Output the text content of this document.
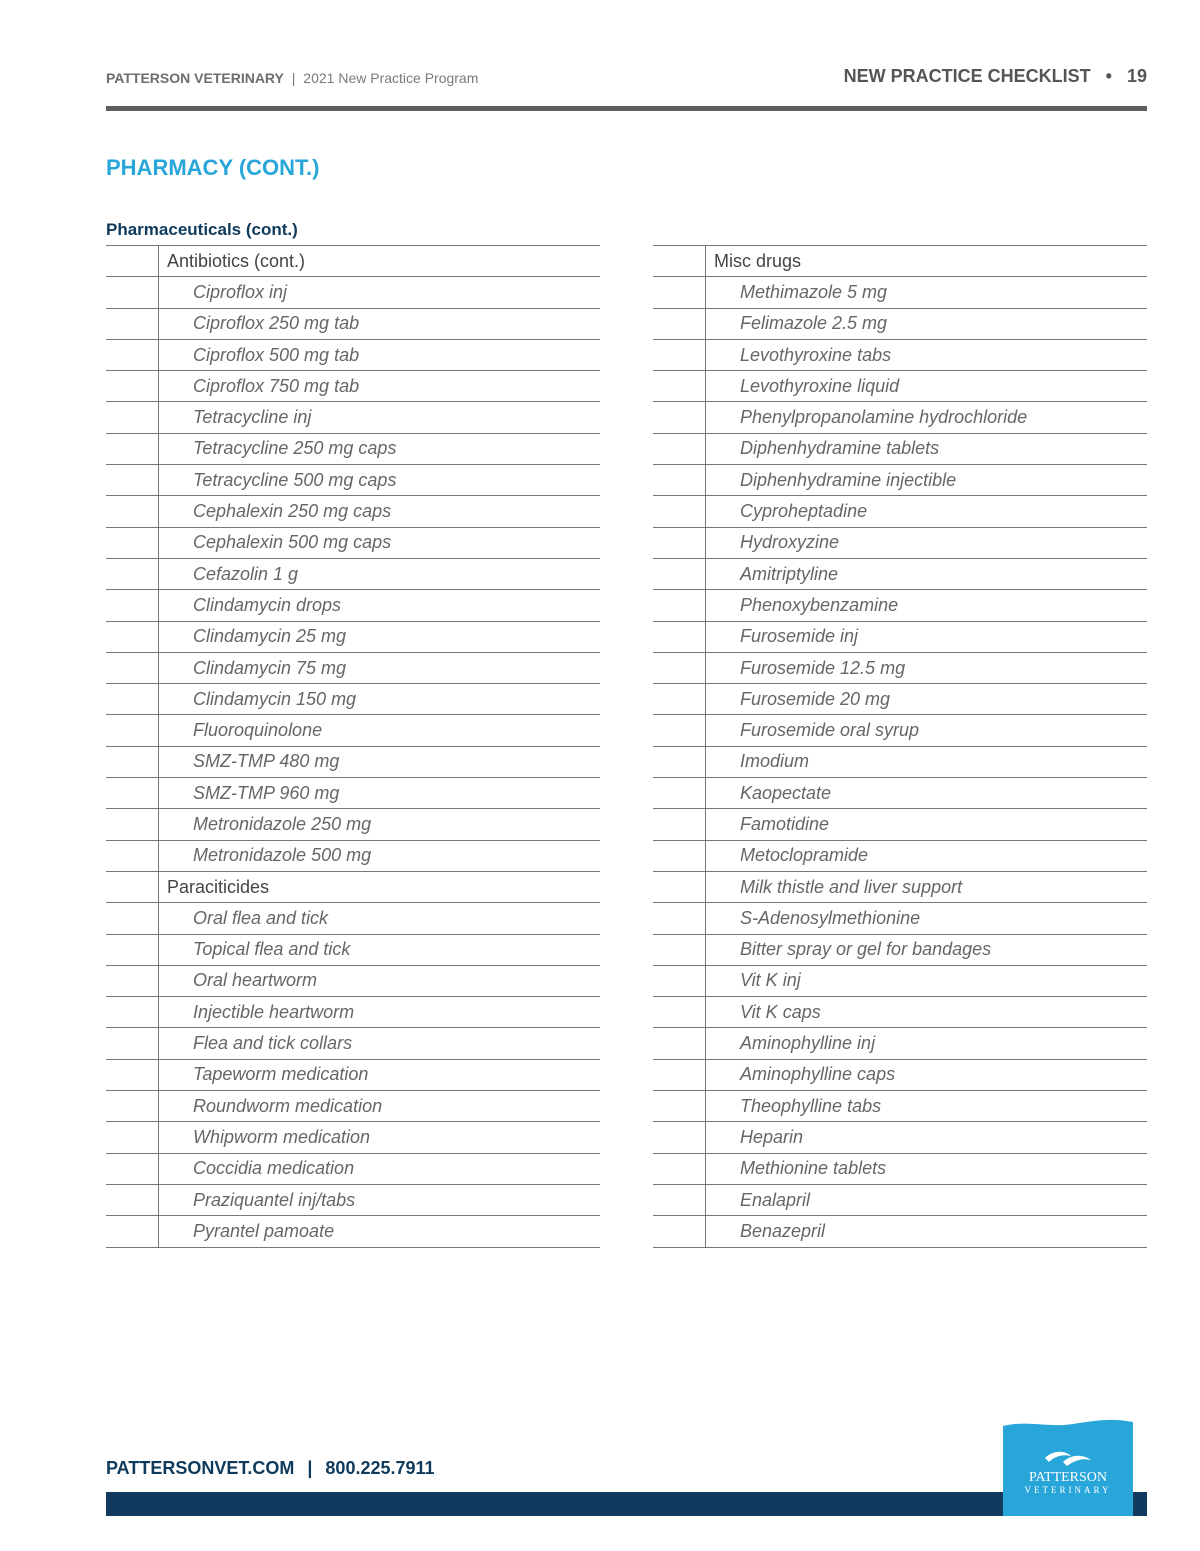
PATTERSON VETERINARY | 2021 New Practice Program	NEW PRACTICE CHECKLIST • 19
PHARMACY (CONT.)
Pharmaceuticals (cont.)
Antibiotics (cont.)
Ciproflox inj
Ciproflox 250 mg tab
Ciproflox 500 mg tab
Ciproflox 750 mg tab
Tetracycline inj
Tetracycline 250 mg caps
Tetracycline 500 mg caps
Cephalexin 250 mg caps
Cephalexin 500 mg caps
Cefazolin 1 g
Clindamycin drops
Clindamycin 25 mg
Clindamycin 75 mg
Clindamycin 150 mg
Fluoroquinolone
SMZ-TMP 480 mg
SMZ-TMP 960 mg
Metronidazole 250 mg
Metronidazole 500 mg
Paraciticides
Oral flea and tick
Topical flea and tick
Oral heartworm
Injectible heartworm
Flea and tick collars
Tapeworm medication
Roundworm medication
Whipworm medication
Coccidia medication
Praziquantel inj/tabs
Pyrantel pamoate
Misc drugs
Methimazole 5 mg
Felimazole 2.5 mg
Levothyroxine tabs
Levothyroxine liquid
Phenylpropanolamine hydrochloride
Diphenhydramine tablets
Diphenhydramine injectible
Cyproheptadine
Hydroxyzine
Amitriptyline
Phenoxybenzamine
Furosemide inj
Furosemide 12.5 mg
Furosemide 20 mg
Furosemide oral syrup
Imodium
Kaopectate
Famotidine
Metoclopramide
Milk thistle and liver support
S-Adenosylmethionine
Bitter spray or gel for bandages
Vit K inj
Vit K caps
Aminophylline inj
Aminophylline caps
Theophylline tabs
Heparin
Methionine tablets
Enalapril
Benazepril
PATTERSONVET.COM | 800.225.7911	PATTERSON
VETERINARY
